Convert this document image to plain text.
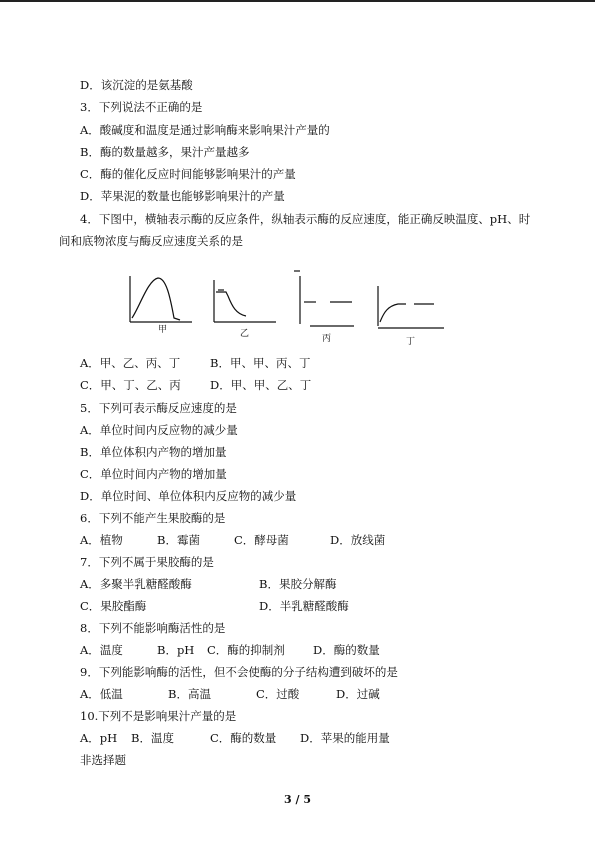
D．该沉淀的是氨基酸
3．下列说法不正确的是
A．酸碱度和温度是通过影响酶来影响果汁产量的
B．酶的数量越多，果汁产量越多
C．酶的催化反应时间能够影响果汁的产量
D．苹果泥的数量也能够影响果汁的产量
4．下图中，横轴表示酶的反应条件，纵轴表示酶的反应速度，能正确反映温度、pH、时
间和底物浓度与酶反应速度关系的是
甲	乙	丙	丁
A．甲、乙、丙、丁	B．甲、甲、丙、丁
C．甲、丁、乙、丙	D．甲、甲、乙、丁
5．下列可表示酶反应速度的是
A．单位时间内反应物的减少量
B．单位体积内产物的增加量
C．单位时间内产物的增加量
D．单位时间、单位体积内反应物的减少量
6．下列不能产生果胶酶的是
A．植物	B．霉菌	C．酵母菌	D．放线菌
7．下列不属于果胶酶的是
A．多聚半乳糖醛酸酶	B．果胶分解酶
C．果胶酯酶	D．半乳糖醛酸酶
8．下列不能影响酶活性的是
A．温度	B．pH C．酶的抑制剂 D．酶的数量
9．下列能影响酶的活性，但不会使酶的分子结构遭到破坏的是
A．低温	B．高温	C．过酸	D．过碱
10.下列不是影响果汁产量的是
A．pH B．温度	C．酶的数量 D．苹果的能用量
非选择题
3 / 5
